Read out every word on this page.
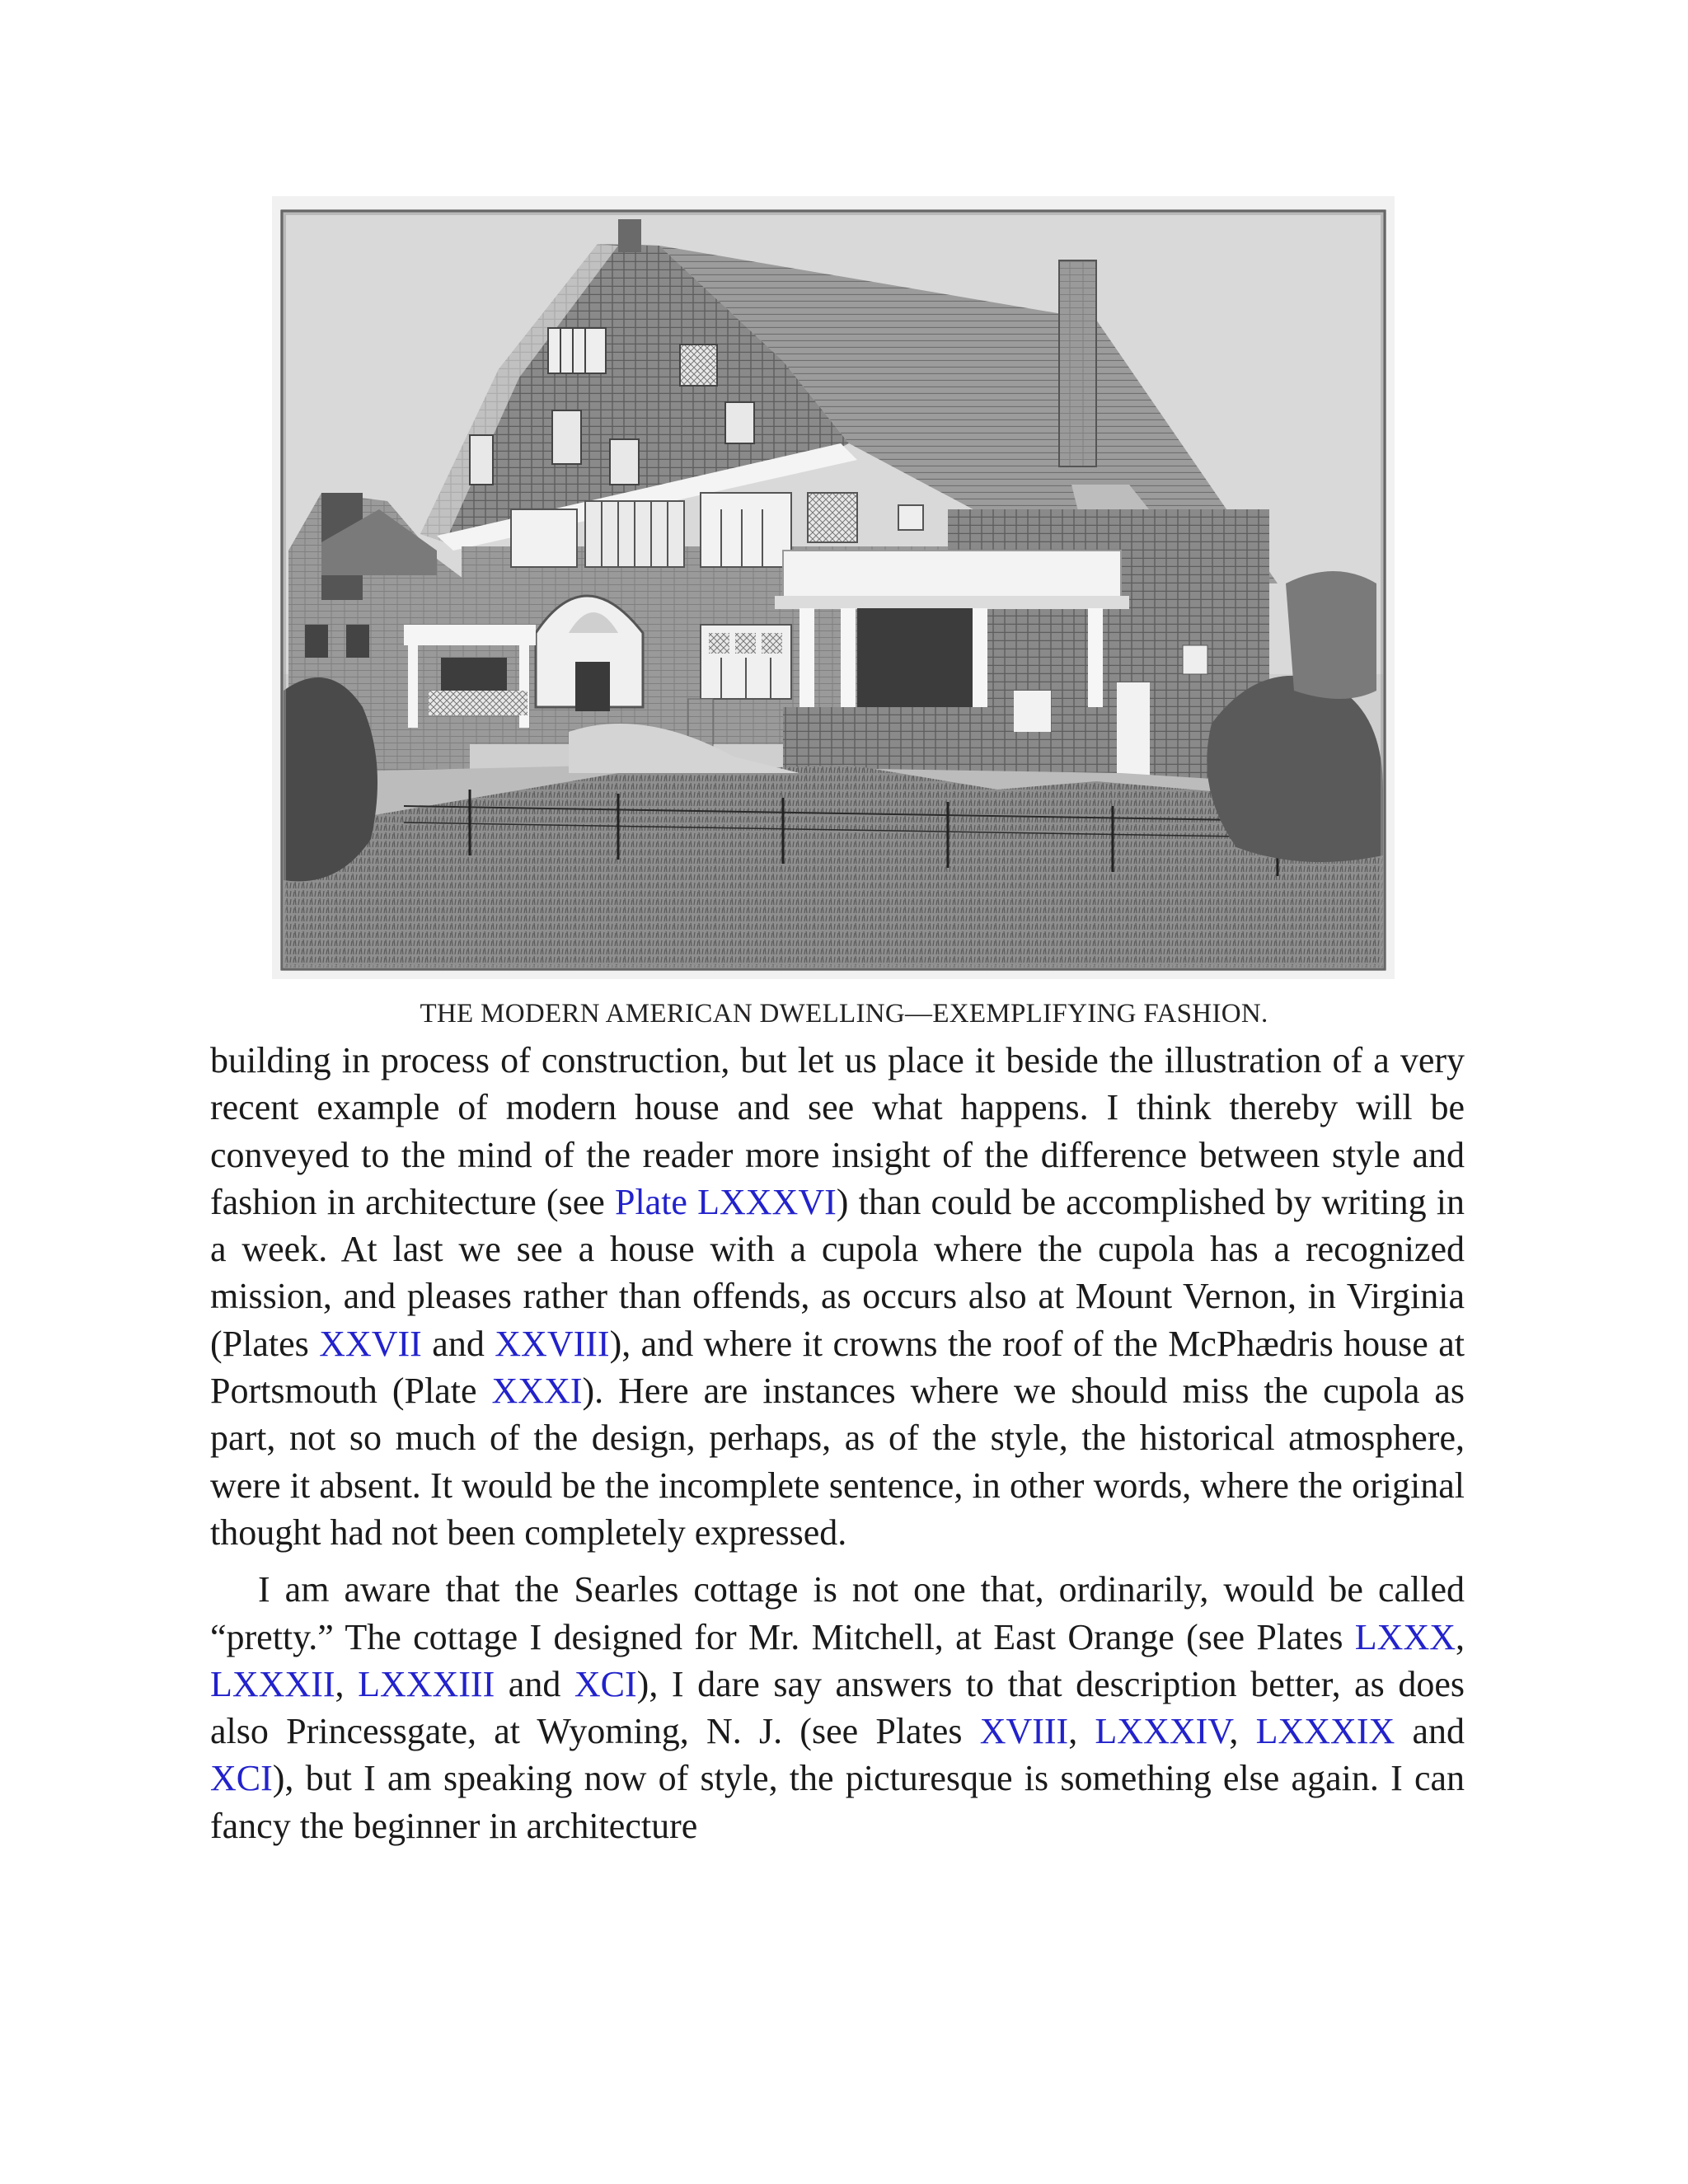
THE MODERN AMERICAN DWELLING—EXEMPLIFYING FASHION.

building in process of construction, but let us place it beside the illustration of a very recent example of modern house and see what happens. I think thereby will be conveyed to the mind of the reader more insight of the difference between style and fashion in architecture (see Plate LXXXVI) than could be accomplished by writing in a week. At last we see a house with a cupola where the cupola has a recognized mission, and pleases rather than offends, as occurs also at Mount Vernon, in Virginia (Plates XXVII and XXVIII), and where it crowns the roof of the McPhædris house at Portsmouth (Plate XXXI). Here are instances where we should miss the cupola as part, not so much of the design, perhaps, as of the style, the historical atmosphere, were it absent. It would be the incomplete sentence, in other words, where the original thought had not been completely expressed.

I am aware that the Searles cottage is not one that, ordinarily, would be called “pretty.” The cottage I designed for Mr. Mitchell, at East Orange (see Plates LXXX, LXXXII, LXXXIII and XCI), I dare say answers to that description better, as does also Princessgate, at Wyoming, N. J. (see Plates XVIII, LXXXIV, LXXXIX and XCI), but I am speaking now of style, the picturesque is something else again. I can fancy the beginner in architecture
